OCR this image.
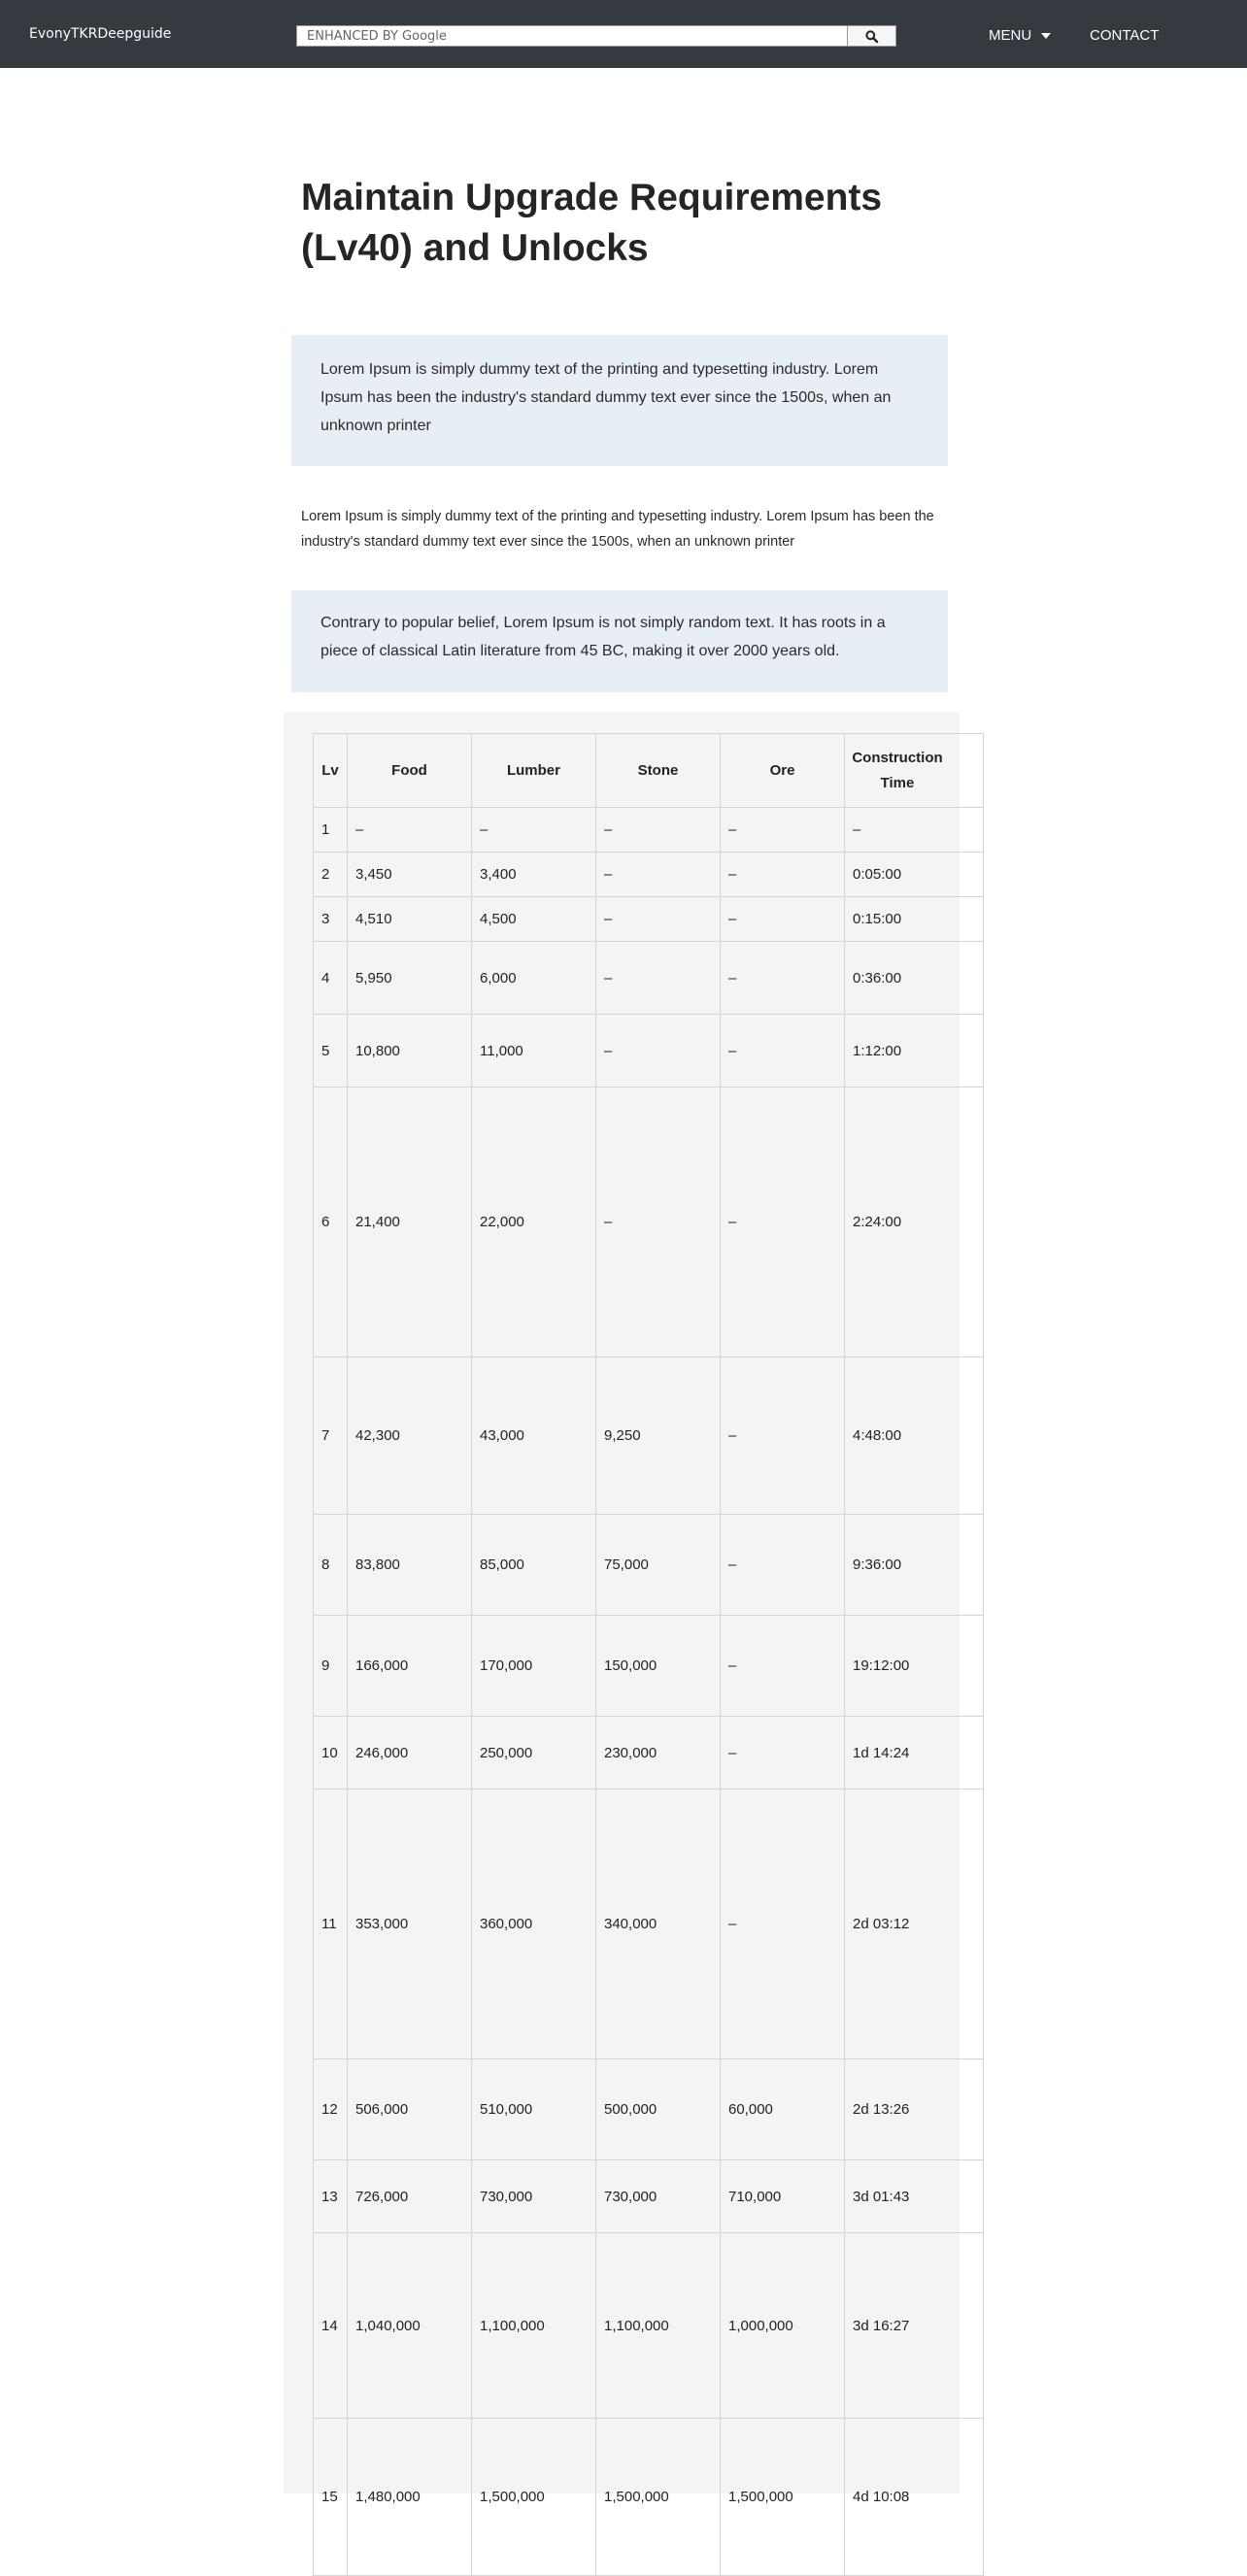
EvonyTKRDeepguide
ENHANCED BY Google	MENU	CONTACT
Maintain Upgrade Requirements (Lv40) and Unlocks

Lorem Ipsum is simply dummy text of the printing and typesetting industry. Lorem Ipsum has been the industry's standard dummy text ever since the 1500s, when an unknown printer

Lorem Ipsum is simply dummy text of the printing and typesetting industry. Lorem Ipsum has been the industry's standard dummy text ever since the 1500s, when an unknown printer

Contrary to popular belief, Lorem Ipsum is not simply random text. It has roots in a piece of classical Latin literature from 45 BC, making it over 2000 years old.

Lv	Food	Lumber	Stone	Ore	Construction Time
1	–	–	–	–	–
2	3,450	3,400	–	–	0:05:00
3	4,510	4,500	–	–	0:15:00
4	5,950	6,000	–	–	0:36:00
5	10,800	11,000	–	–	1:12:00
6	21,400	22,000	–	–	2:24:00
7	42,300	43,000	9,250	–	4:48:00
8	83,800	85,000	75,000	–	9:36:00
9	166,000	170,000	150,000	–	19:12:00
10	246,000	250,000	230,000	–	1d 14:24
11	353,000	360,000	340,000	–	2d 03:12
12	506,000	510,000	500,000	60,000	2d 13:26
13	726,000	730,000	730,000	710,000	3d 01:43
14	1,040,000	1,100,000	1,100,000	1,000,000	3d 16:27
15	1,480,000	1,500,000	1,500,000	1,500,000	4d 10:08
